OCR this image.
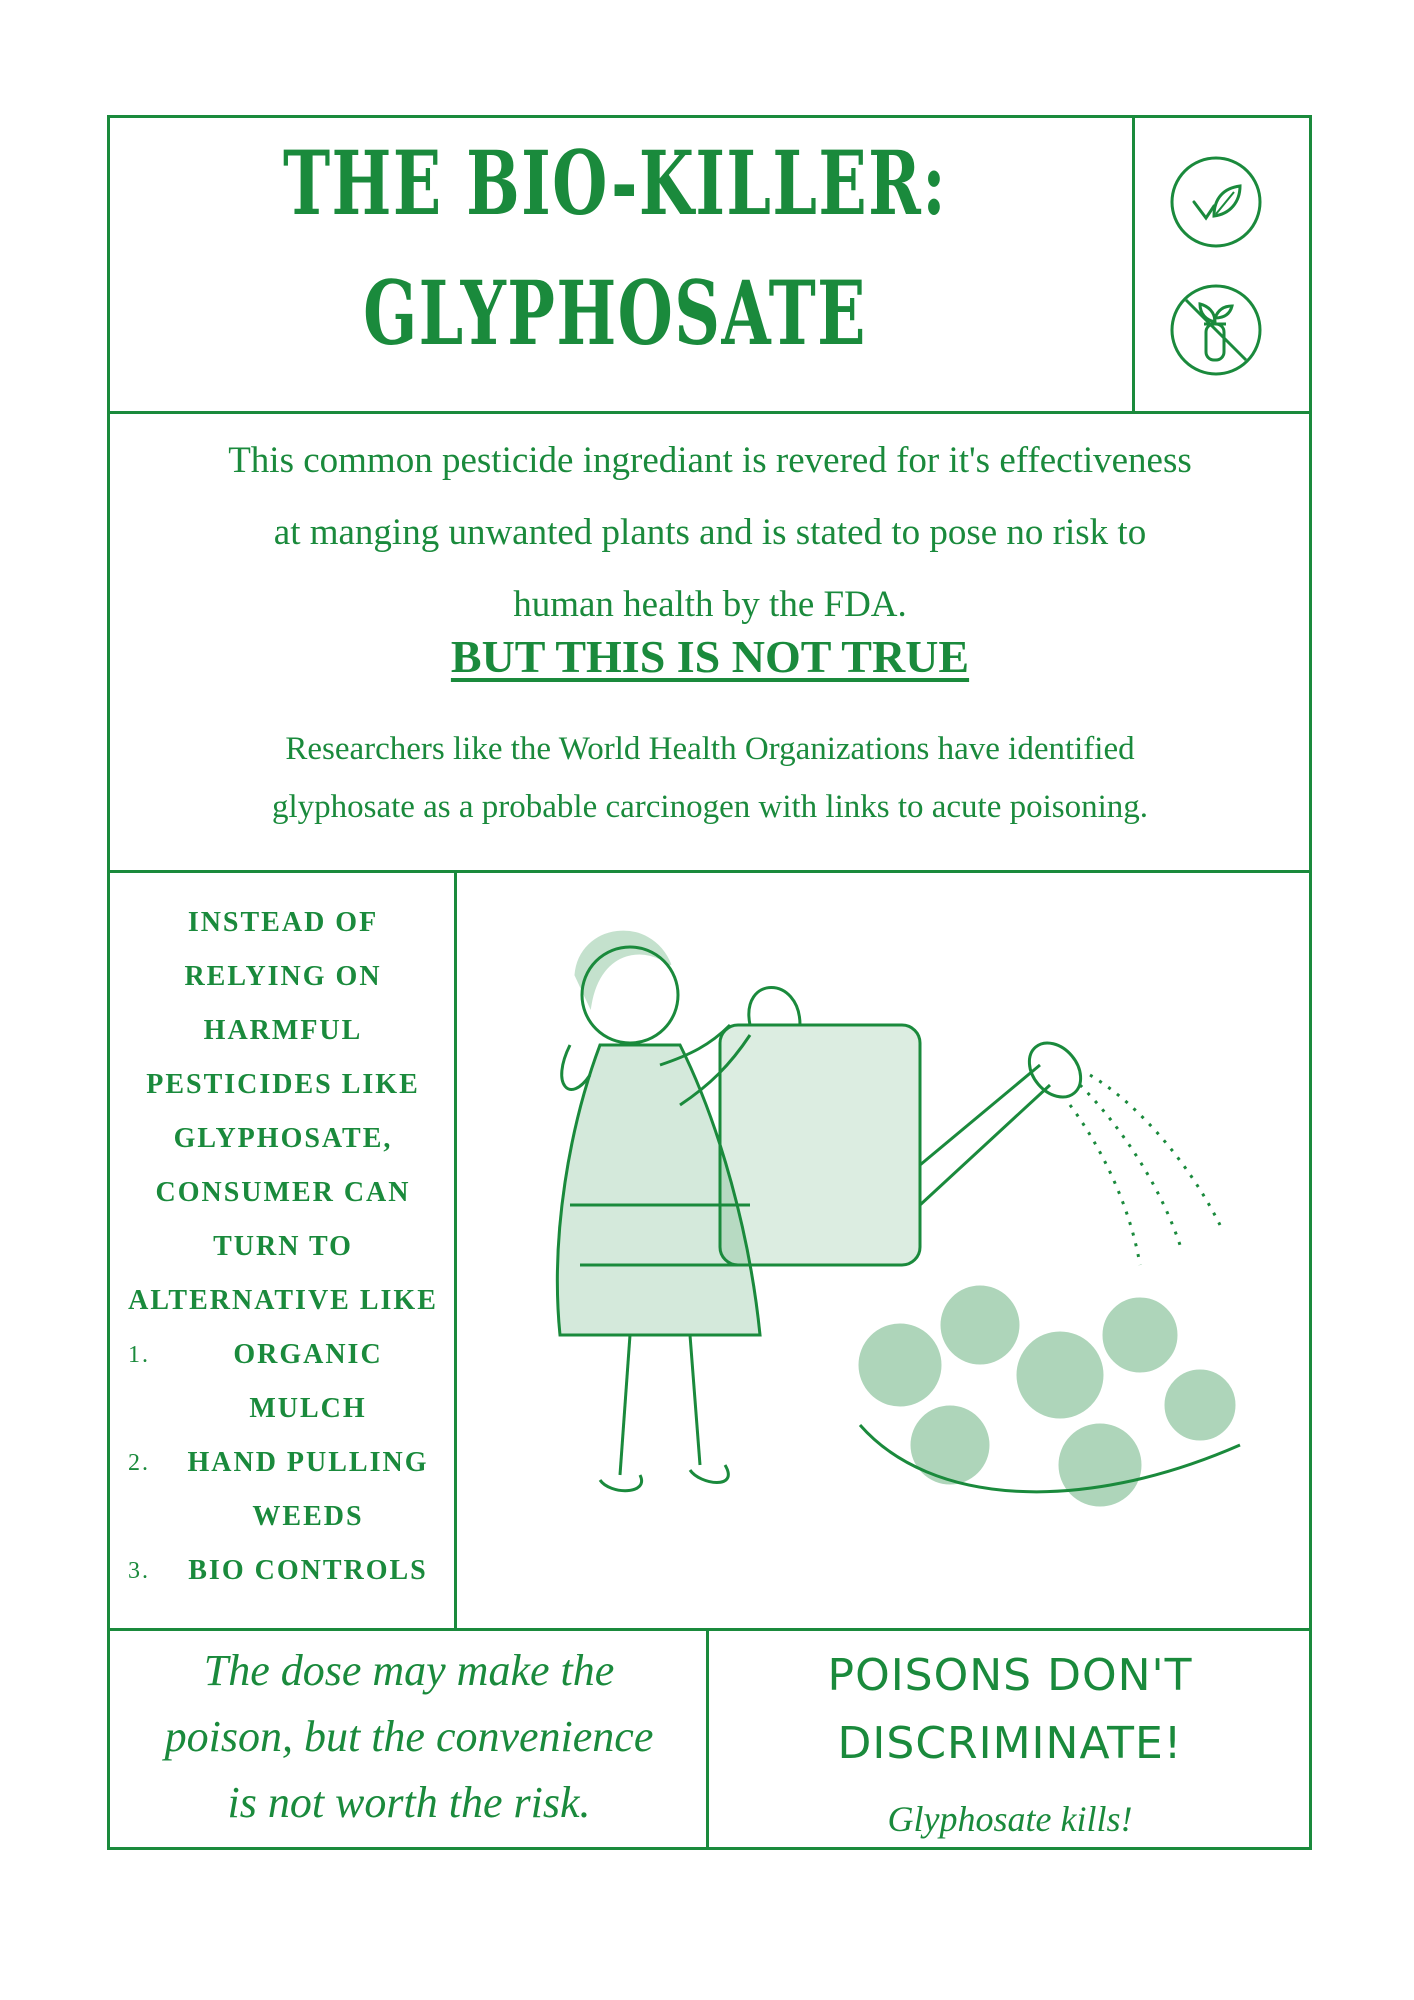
THE BIO-KILLER:
GLYPHOSATE
This common pesticide ingrediant is revered for it's effectiveness
at manging unwanted plants and is stated to pose no risk to
human health by the FDA.
BUT THIS IS NOT TRUE
Researchers like the World Health Organizations have identified
glyphosate as a probable carcinogen with links to acute poisoning.
INSTEAD OF
RELYING ON
HARMFUL
PESTICIDES LIKE
GLYPHOSATE,
CONSUMER CAN
TURN TO
ALTERNATIVE LIKE
1.	ORGANIC
MULCH
2.	HAND PULLING
WEEDS
3.	BIO CONTROLS
The dose may make the
poison, but the convenience
is not worth the risk.
POISONS DON'T
DISCRIMINATE!
Glyphosate kills!
